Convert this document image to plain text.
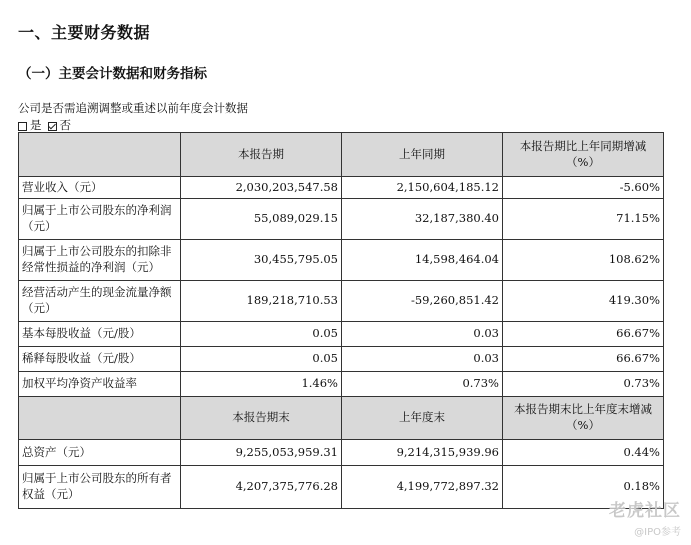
一、主要财务数据
（一）主要会计数据和财务指标
公司是否需追溯调整或重述以前年度会计数据
是 否
	本报告期	上年同期	本报告期比上年同期增减（%）
营业收入（元）	2,030,203,547.58	2,150,604,185.12	-5.60%
归属于上市公司股东的净利润（元）	55,089,029.15	32,187,380.40	71.15%
归属于上市公司股东的扣除非经常性损益的净利润（元）	30,455,795.05	14,598,464.04	108.62%
经营活动产生的现金流量净额（元）	189,218,710.53	-59,260,851.42	419.30%
基本每股收益（元/股）	0.05	0.03	66.67%
稀释每股收益（元/股）	0.05	0.03	66.67%
加权平均净资产收益率	1.46%	0.73%	0.73%
	本报告期末	上年度末	本报告期末比上年度末增减（%）
总资产（元）	9,255,053,959.31	9,214,315,939.96	0.44%
归属于上市公司股东的所有者权益（元）	4,207,375,776.28	4,199,772,897.32	0.18%
老虎社区
@IPO参考
